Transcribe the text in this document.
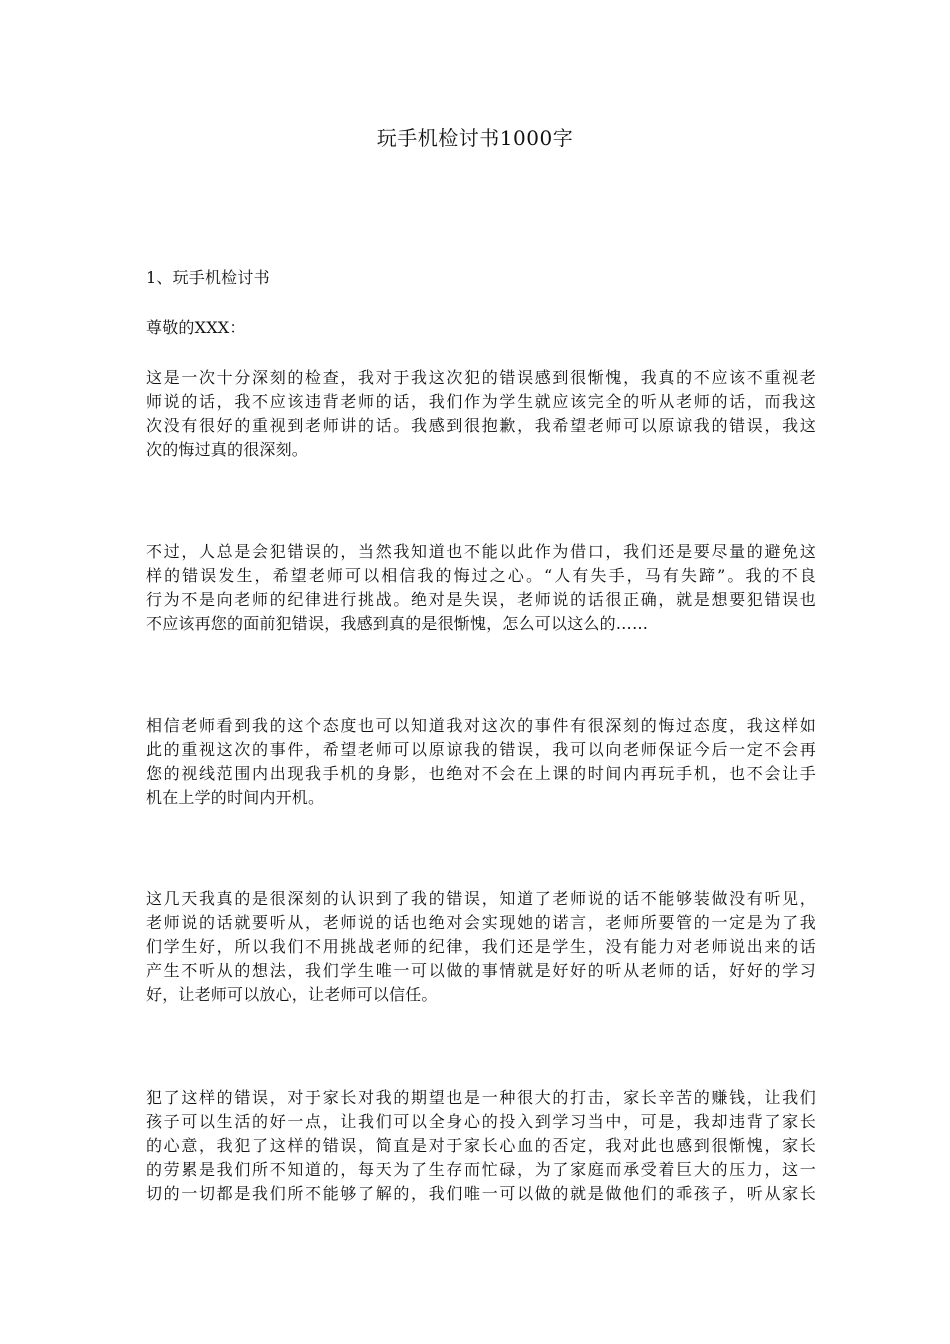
玩手机检讨书1000字
1、玩手机检讨书
尊敬的XXX：
这是一次十分深刻的检查，我对于我这次犯的错误感到很惭愧，我真的不应该不重视老
师说的话，我不应该违背老师的话，我们作为学生就应该完全的听从老师的话，而我这
次没有很好的重视到老师讲的话。我感到很抱歉，我希望老师可以原谅我的错误，我这
次的悔过真的很深刻。
不过，人总是会犯错误的，当然我知道也不能以此作为借口，我们还是要尽量的避免这
样的错误发生，希望老师可以相信我的悔过之心。“人有失手，马有失蹄”。我的不良
行为不是向老师的纪律进行挑战。绝对是失误，老师说的话很正确，就是想要犯错误也
不应该再您的面前犯错误，我感到真的是很惭愧，怎么可以这么的……
相信老师看到我的这个态度也可以知道我对这次的事件有很深刻的悔过态度，我这样如
此的重视这次的事件，希望老师可以原谅我的错误，我可以向老师保证今后一定不会再
您的视线范围内出现我手机的身影，也绝对不会在上课的时间内再玩手机，也不会让手
机在上学的时间内开机。
这几天我真的是很深刻的认识到了我的错误，知道了老师说的话不能够装做没有听见，
老师说的话就要听从，老师说的话也绝对会实现她的诺言，老师所要管的一定是为了我
们学生好，所以我们不用挑战老师的纪律，我们还是学生，没有能力对老师说出来的话
产生不听从的想法，我们学生唯一可以做的事情就是好好的听从老师的话，好好的学习
好，让老师可以放心，让老师可以信任。
犯了这样的错误，对于家长对我的期望也是一种很大的打击，家长辛苦的赚钱，让我们
孩子可以生活的好一点，让我们可以全身心的投入到学习当中，可是，我却违背了家长
的心意，我犯了这样的错误，简直是对于家长心血的否定，我对此也感到很惭愧，家长
的劳累是我们所不知道的，每天为了生存而忙碌，为了家庭而承受着巨大的压力，这一
切的一切都是我们所不能够了解的，我们唯一可以做的就是做他们的乖孩子，听从家长
